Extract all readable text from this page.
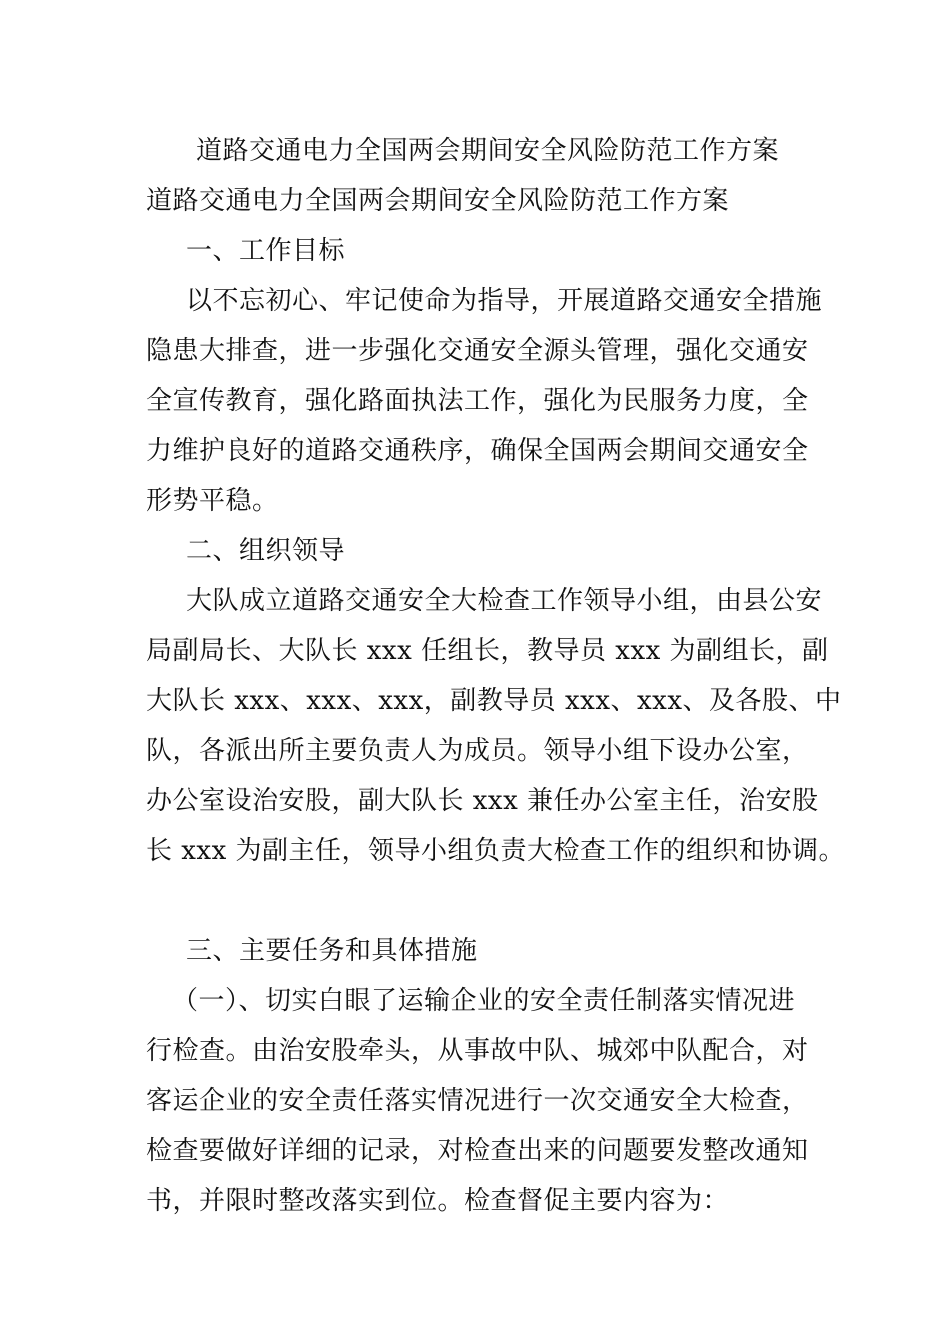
道路交通电力全国两会期间安全风险防范工作方案
道路交通电力全国两会期间安全风险防范工作方案
一、工作目标
以不忘初心、牢记使命为指导，开展道路交通安全措施
隐患大排查，进一步强化交通安全源头管理，强化交通安
全宣传教育，强化路面执法工作，强化为民服务力度，全
力维护良好的道路交通秩序，确保全国两会期间交通安全
形势平稳。
二、组织领导
大队成立道路交通安全大检查工作领导小组，由县公安
局副局长、大队长 xxx 任组长，教导员 xxx 为副组长，副
大队长 xxx、xxx、xxx，副教导员 xxx、xxx、及各股、中
队，各派出所主要负责人为成员。领导小组下设办公室，
办公室设治安股，副大队长 xxx 兼任办公室主任，治安股
长 xxx 为副主任，领导小组负责大检查工作的组织和协调。
三、主要任务和具体措施
（一）、切实白眼了运输企业的安全责任制落实情况进
行检查。由治安股牵头，从事故中队、城郊中队配合，对
客运企业的安全责任落实情况进行一次交通安全大检查，
检查要做好详细的记录，对检查出来的问题要发整改通知
书，并限时整改落实到位。检查督促主要内容为：
